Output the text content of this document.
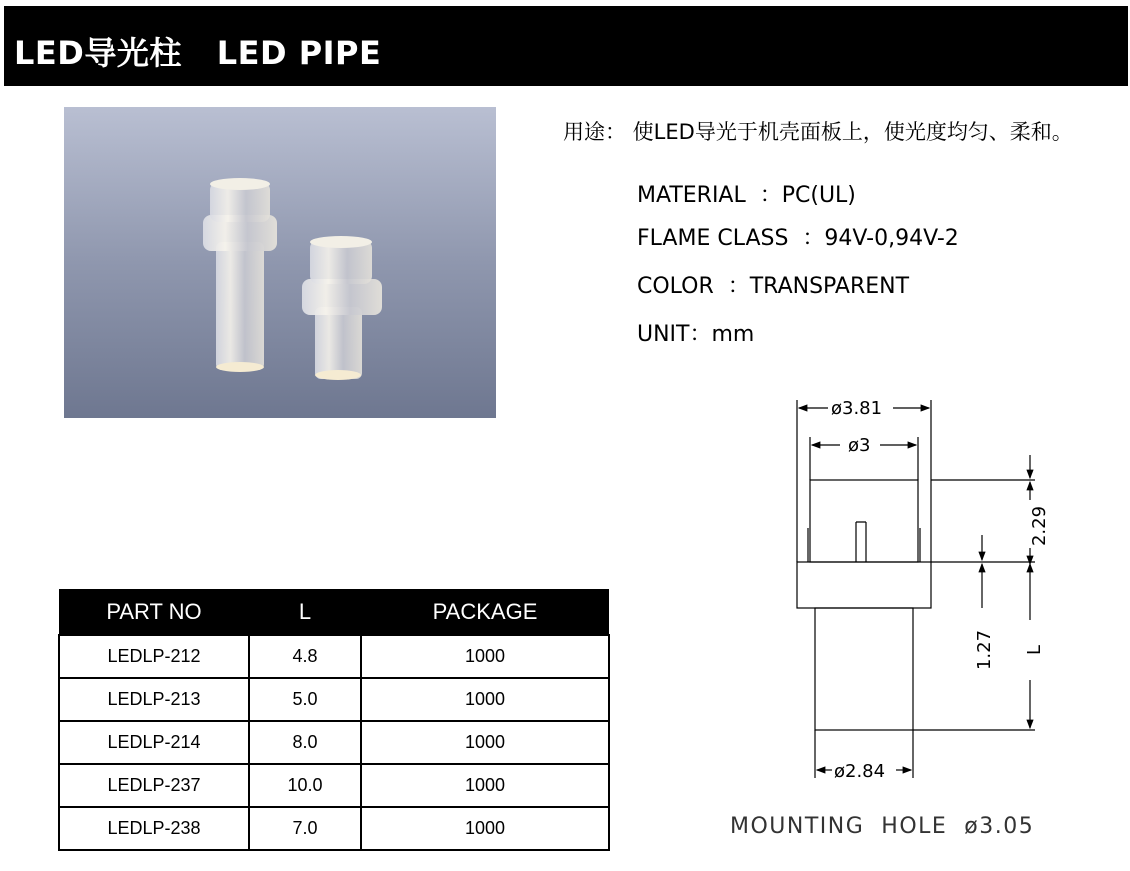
LED导光柱   LED PIPE
用途： 使LED导光于机壳面板上，使光度均匀、柔和。
MATERIAL  ：PC(UL)
FLAME CLASS  ：94V-0,94V-2
COLOR  ：TRANSPARENT
UNIT：mm
PART NO	L	PACKAGE
LEDLP-212	4.8	1000
LEDLP-213	5.0	1000
LEDLP-214	8.0	1000
LEDLP-237	10.0	1000
LEDLP-238	7.0	1000
ø3.81
ø3
2.29
1.27 L
ø2.84
MOUNTING  HOLE  ø3.05
